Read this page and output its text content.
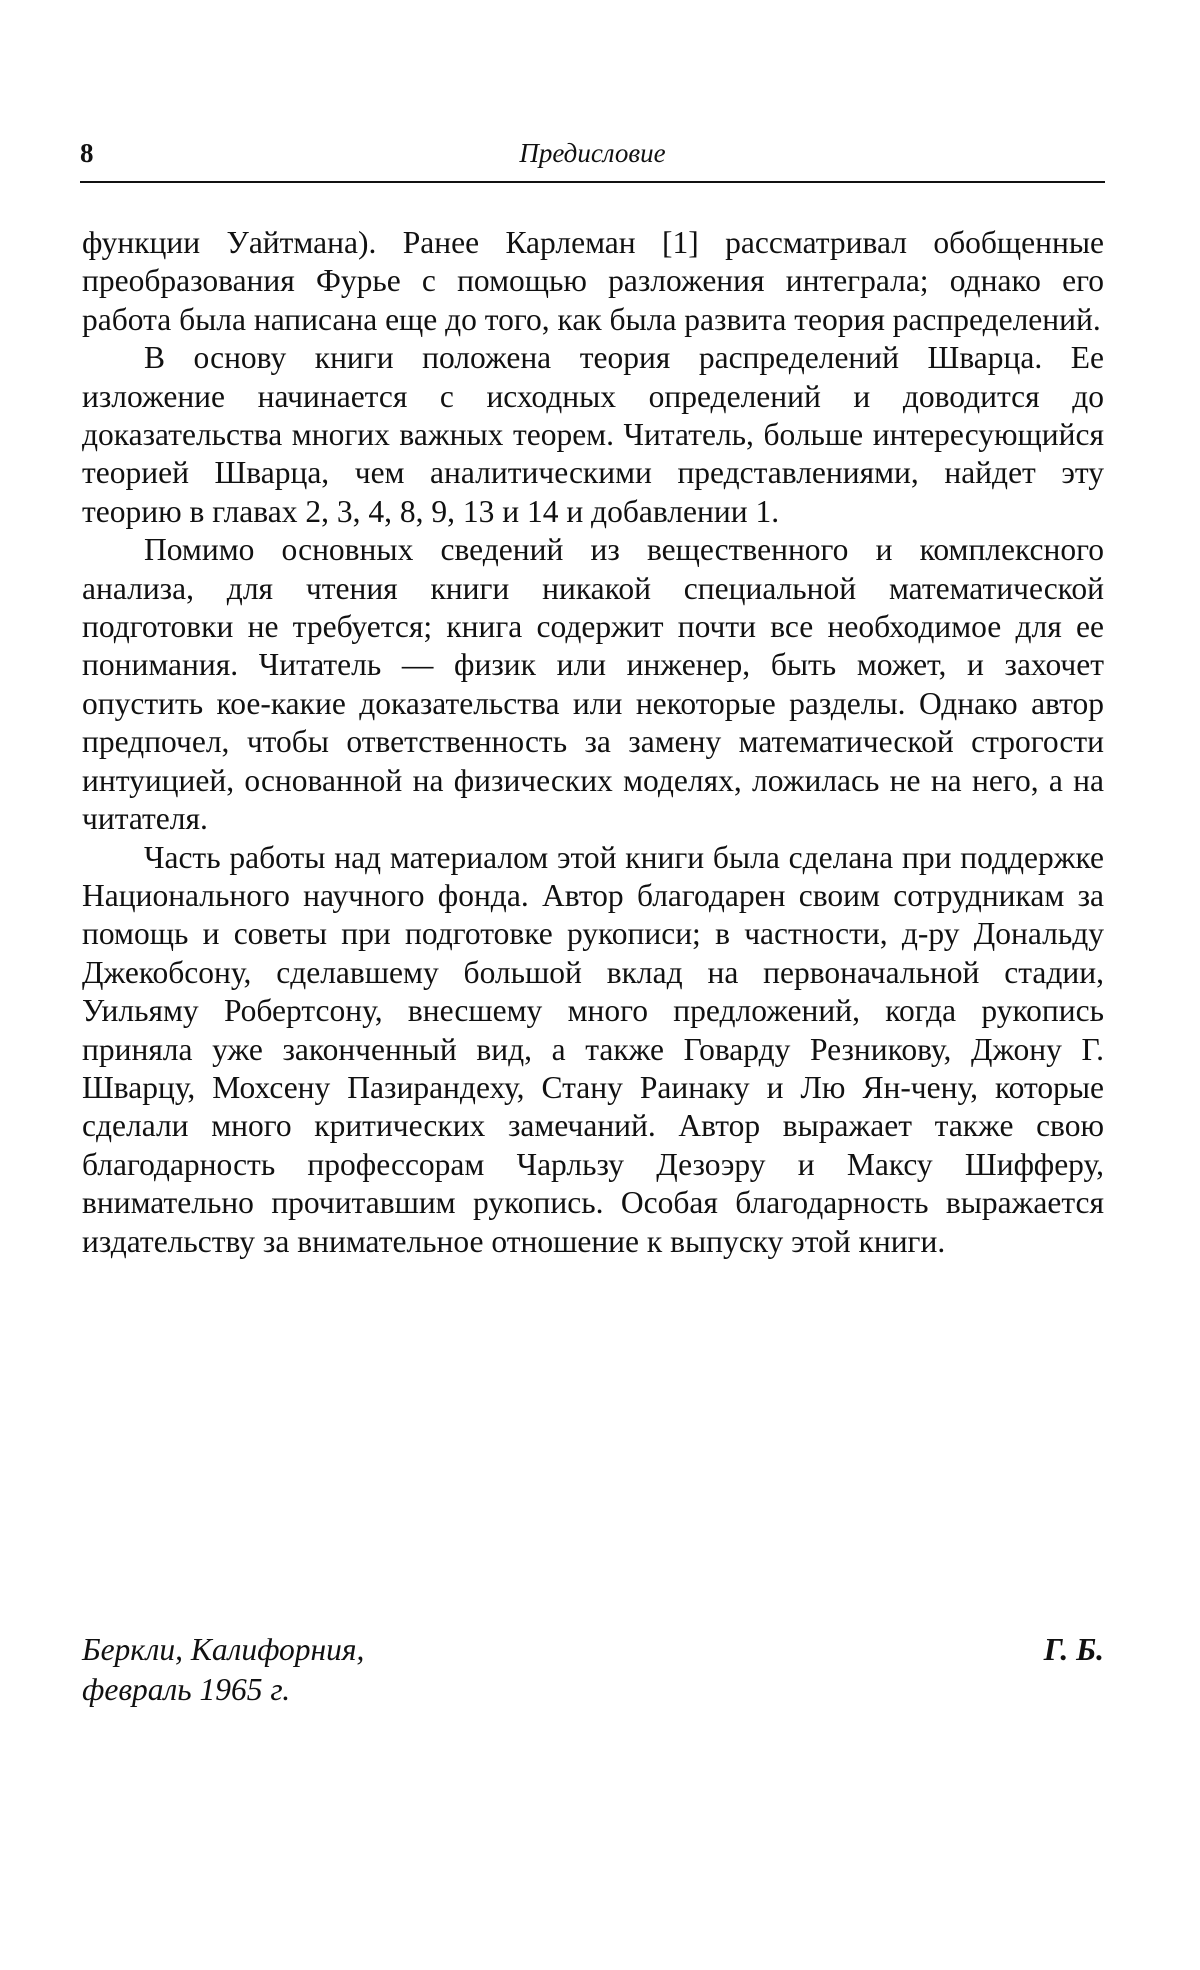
8	Предисловие

функции Уайтмана). Ранее Карлеман [1] рассматривал обобщенные преобразования Фурье с помощью разложения интеграла; однако его работа была написана еще до того, как была развита теория распределений.

В основу книги положена теория распределений Шварца. Ее изложение начинается с исходных определений и доводится до доказательства многих важных теорем. Читатель, больше интересующийся теорией Шварца, чем аналитическими представлениями, найдет эту теорию в главах 2, 3, 4, 8, 9, 13 и 14 и добавлении 1.

Помимо основных сведений из вещественного и комплексного анализа, для чтения книги никакой специальной математической подготовки не требуется; книга содержит почти все необходимое для ее понимания. Читатель — физик или инженер, быть может, и захочет опустить кое-какие доказательства или некоторые разделы. Однако автор предпочел, чтобы ответственность за замену математической строгости интуицией, основанной на физических моделях, ложилась не на него, а на читателя.

Часть работы над материалом этой книги была сделана при поддержке Национального научного фонда. Автор благодарен своим сотрудникам за помощь и советы при подготовке рукописи; в частности, д-ру Дональду Джекобсону, сделавшему большой вклад на первоначальной стадии, Уильяму Робертсону, внесшему много предложений, когда рукопись приняла уже законченный вид, а также Говарду Резникову, Джону Г. Шварцу, Мохсену Пазирандеху, Стану Раинаку и Лю Ян-чену, которые сделали много критических замечаний. Автор выражает также свою благодарность профессорам Чарльзу Дезоэру и Максу Шифферу, внимательно прочитавшим рукопись. Особая благодарность выражается издательству за внимательное отношение к выпуску этой книги.

Беркли, Калифорния,
февраль 1965 г.
Г. Б.
